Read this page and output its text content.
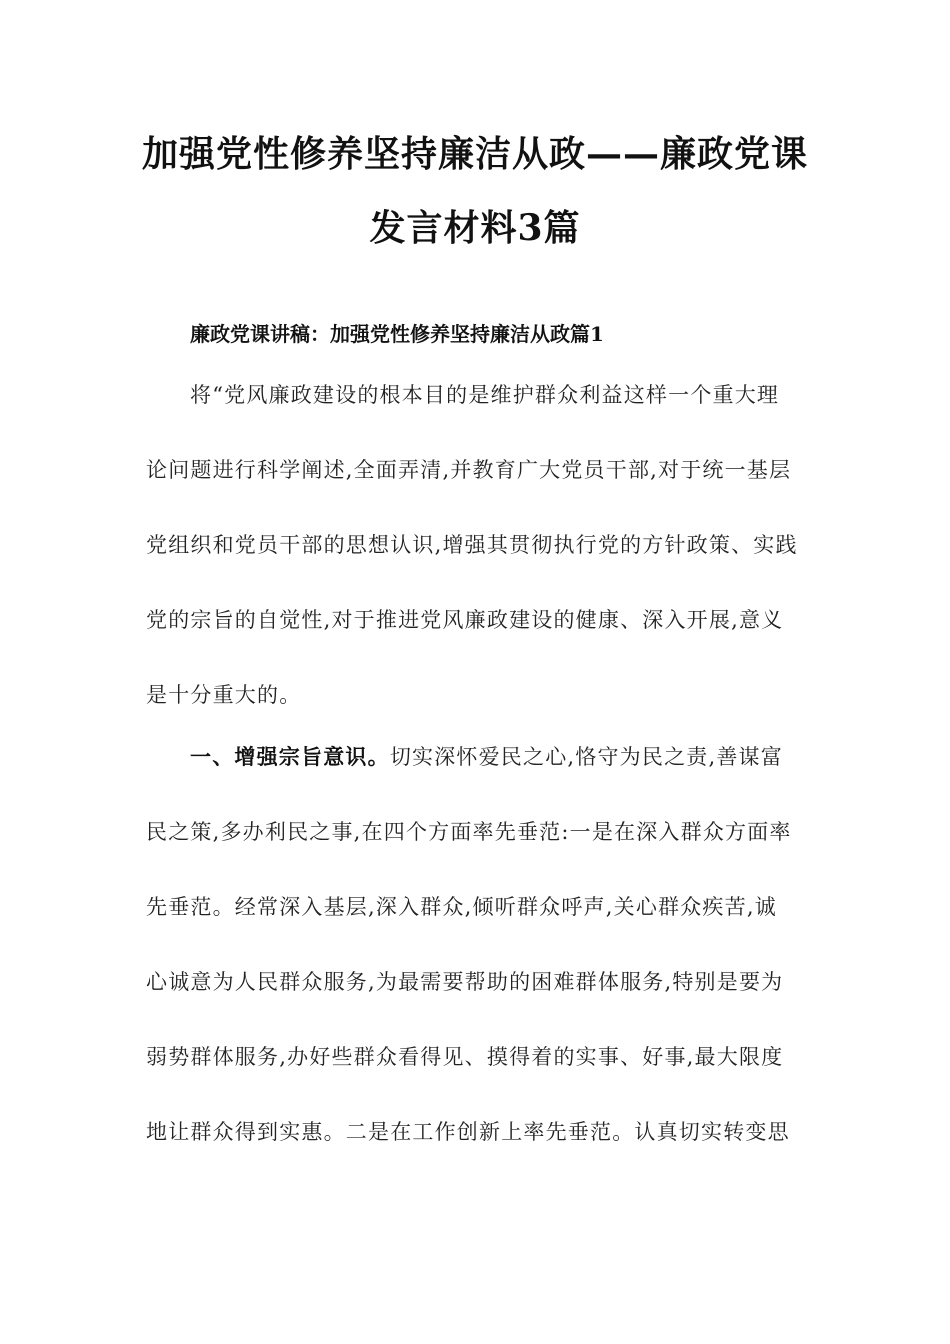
加强党性修养坚持廉洁从政——廉政党课
发言材料3篇
廉政党课讲稿：加强党性修养坚持廉洁从政篇1
将“党风廉政建设的根本目的是维护群众利益这样一个重大理
论问题进行科学阐述,全面弄清,并教育广大党员干部,对于统一基层
党组织和党员干部的思想认识,增强其贯彻执行党的方针政策、实践
党的宗旨的自觉性,对于推进党风廉政建设的健康、深入开展,意义
是十分重大的。
一、增强宗旨意识。切实深怀爱民之心,恪守为民之责,善谋富
民之策,多办利民之事,在四个方面率先垂范:一是在深入群众方面率
先垂范。经常深入基层,深入群众,倾听群众呼声,关心群众疾苦,诚
心诚意为人民群众服务,为最需要帮助的困难群体服务,特别是要为
弱势群体服务,办好些群众看得见、摸得着的实事、好事,最大限度
地让群众得到实惠。二是在工作创新上率先垂范。认真切实转变思
